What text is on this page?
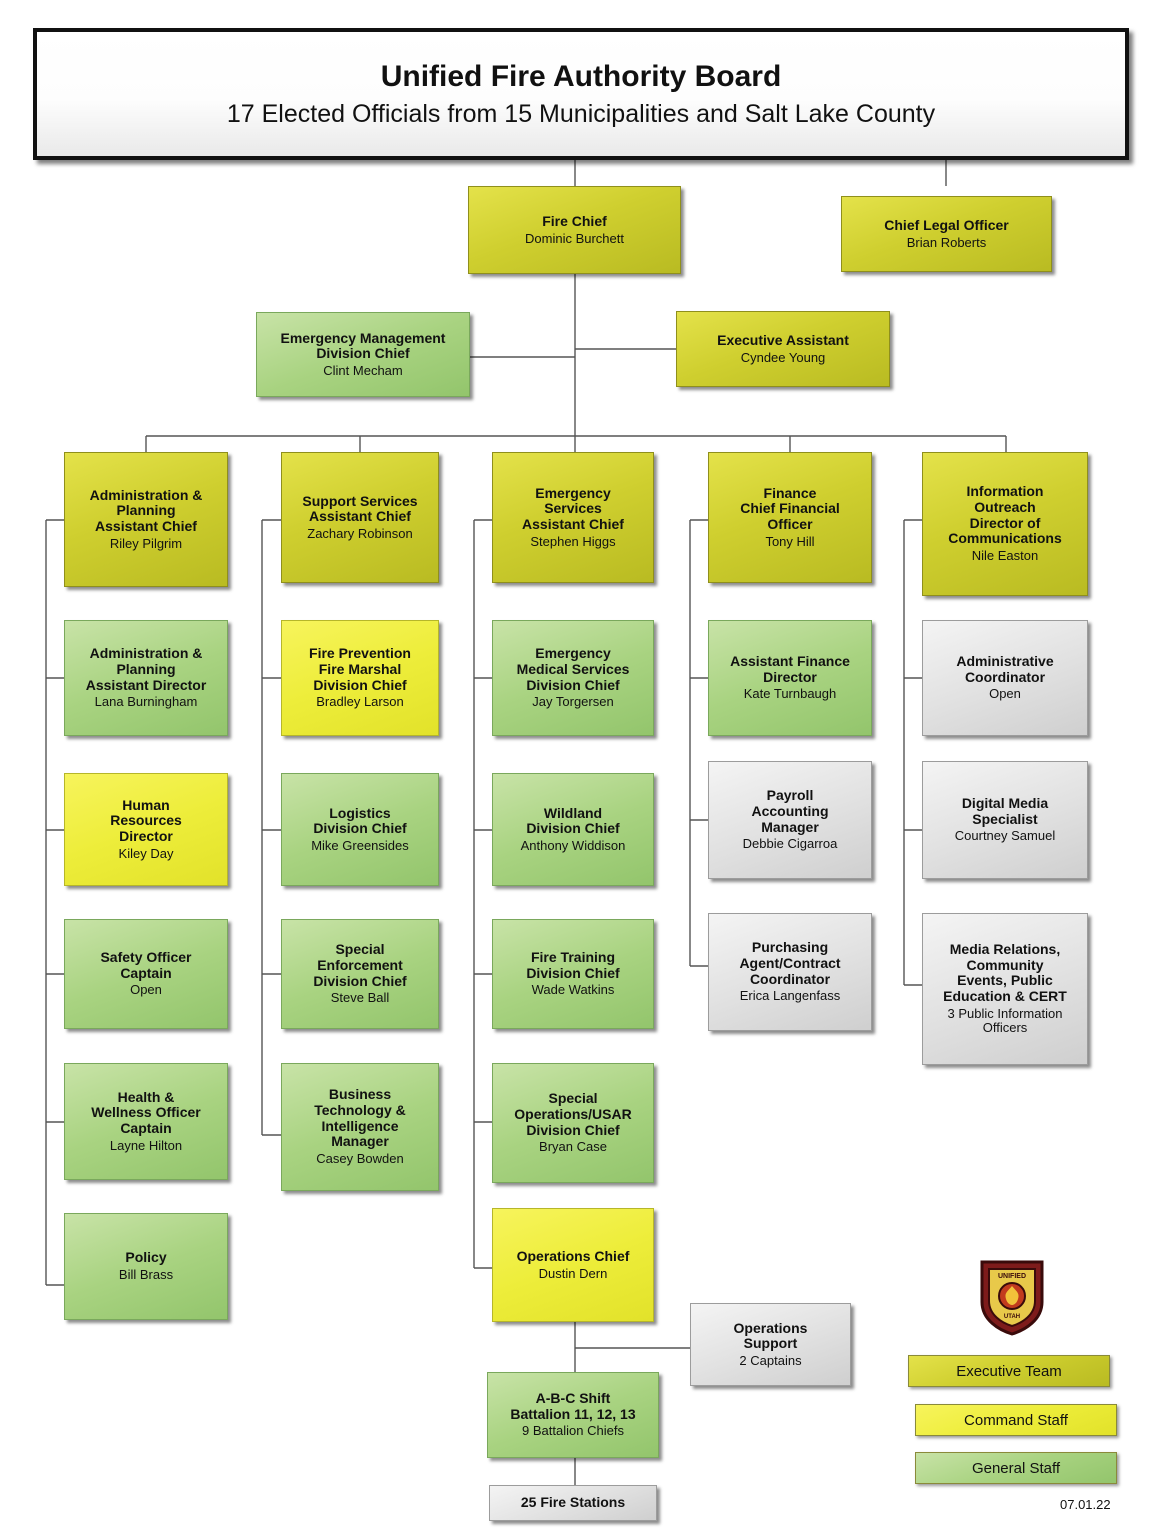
Unified Fire Authority Board
17 Elected Officials from 15 Municipalities and Salt Lake County
Fire Chief
Dominic Burchett
Chief Legal Officer
Brian Roberts
Emergency Management
Division Chief
Clint Mecham
Executive Assistant
Cyndee Young
Administration &
Planning
Assistant Chief
Riley Pilgrim
Administration &
Planning
Assistant Director
Lana Burningham
Human
Resources
Director
Kiley Day
Safety Officer
Captain
Open
Health &
Wellness Officer
Captain
Layne Hilton
Policy
Bill Brass
Support Services
Assistant Chief
Zachary Robinson
Fire Prevention
Fire Marshal
Division Chief
Bradley Larson
Logistics
Division Chief
Mike Greensides
Special
Enforcement
Division Chief
Steve Ball
Business
Technology &
Intelligence
Manager
Casey Bowden
Emergency
Services
Assistant Chief
Stephen Higgs
Emergency
Medical Services
Division Chief
Jay Torgersen
Wildland
Division Chief
Anthony Widdison
Fire Training
Division Chief
Wade Watkins
Special
Operations/USAR
Division Chief
Bryan Case
Operations Chief
Dustin Dern
Operations
Support
2 Captains
A-B-C Shift
Battalion 11, 12, 13
9 Battalion Chiefs
25 Fire Stations
Finance
Chief Financial
Officer
Tony Hill
Assistant Finance
Director
Kate Turnbaugh
Payroll
Accounting
Manager
Debbie Cigarroa
Purchasing
Agent/Contract
Coordinator
Erica Langenfass
Information
Outreach
Director of
Communications
Nile Easton
Administrative
Coordinator
Open
Digital Media
Specialist
Courtney Samuel
Media Relations,
Community
Events, Public
Education & CERT
3 Public Information
Officers
UNIFIED
UTAH
Executive Team
Command Staff
General Staff
07.01.22
